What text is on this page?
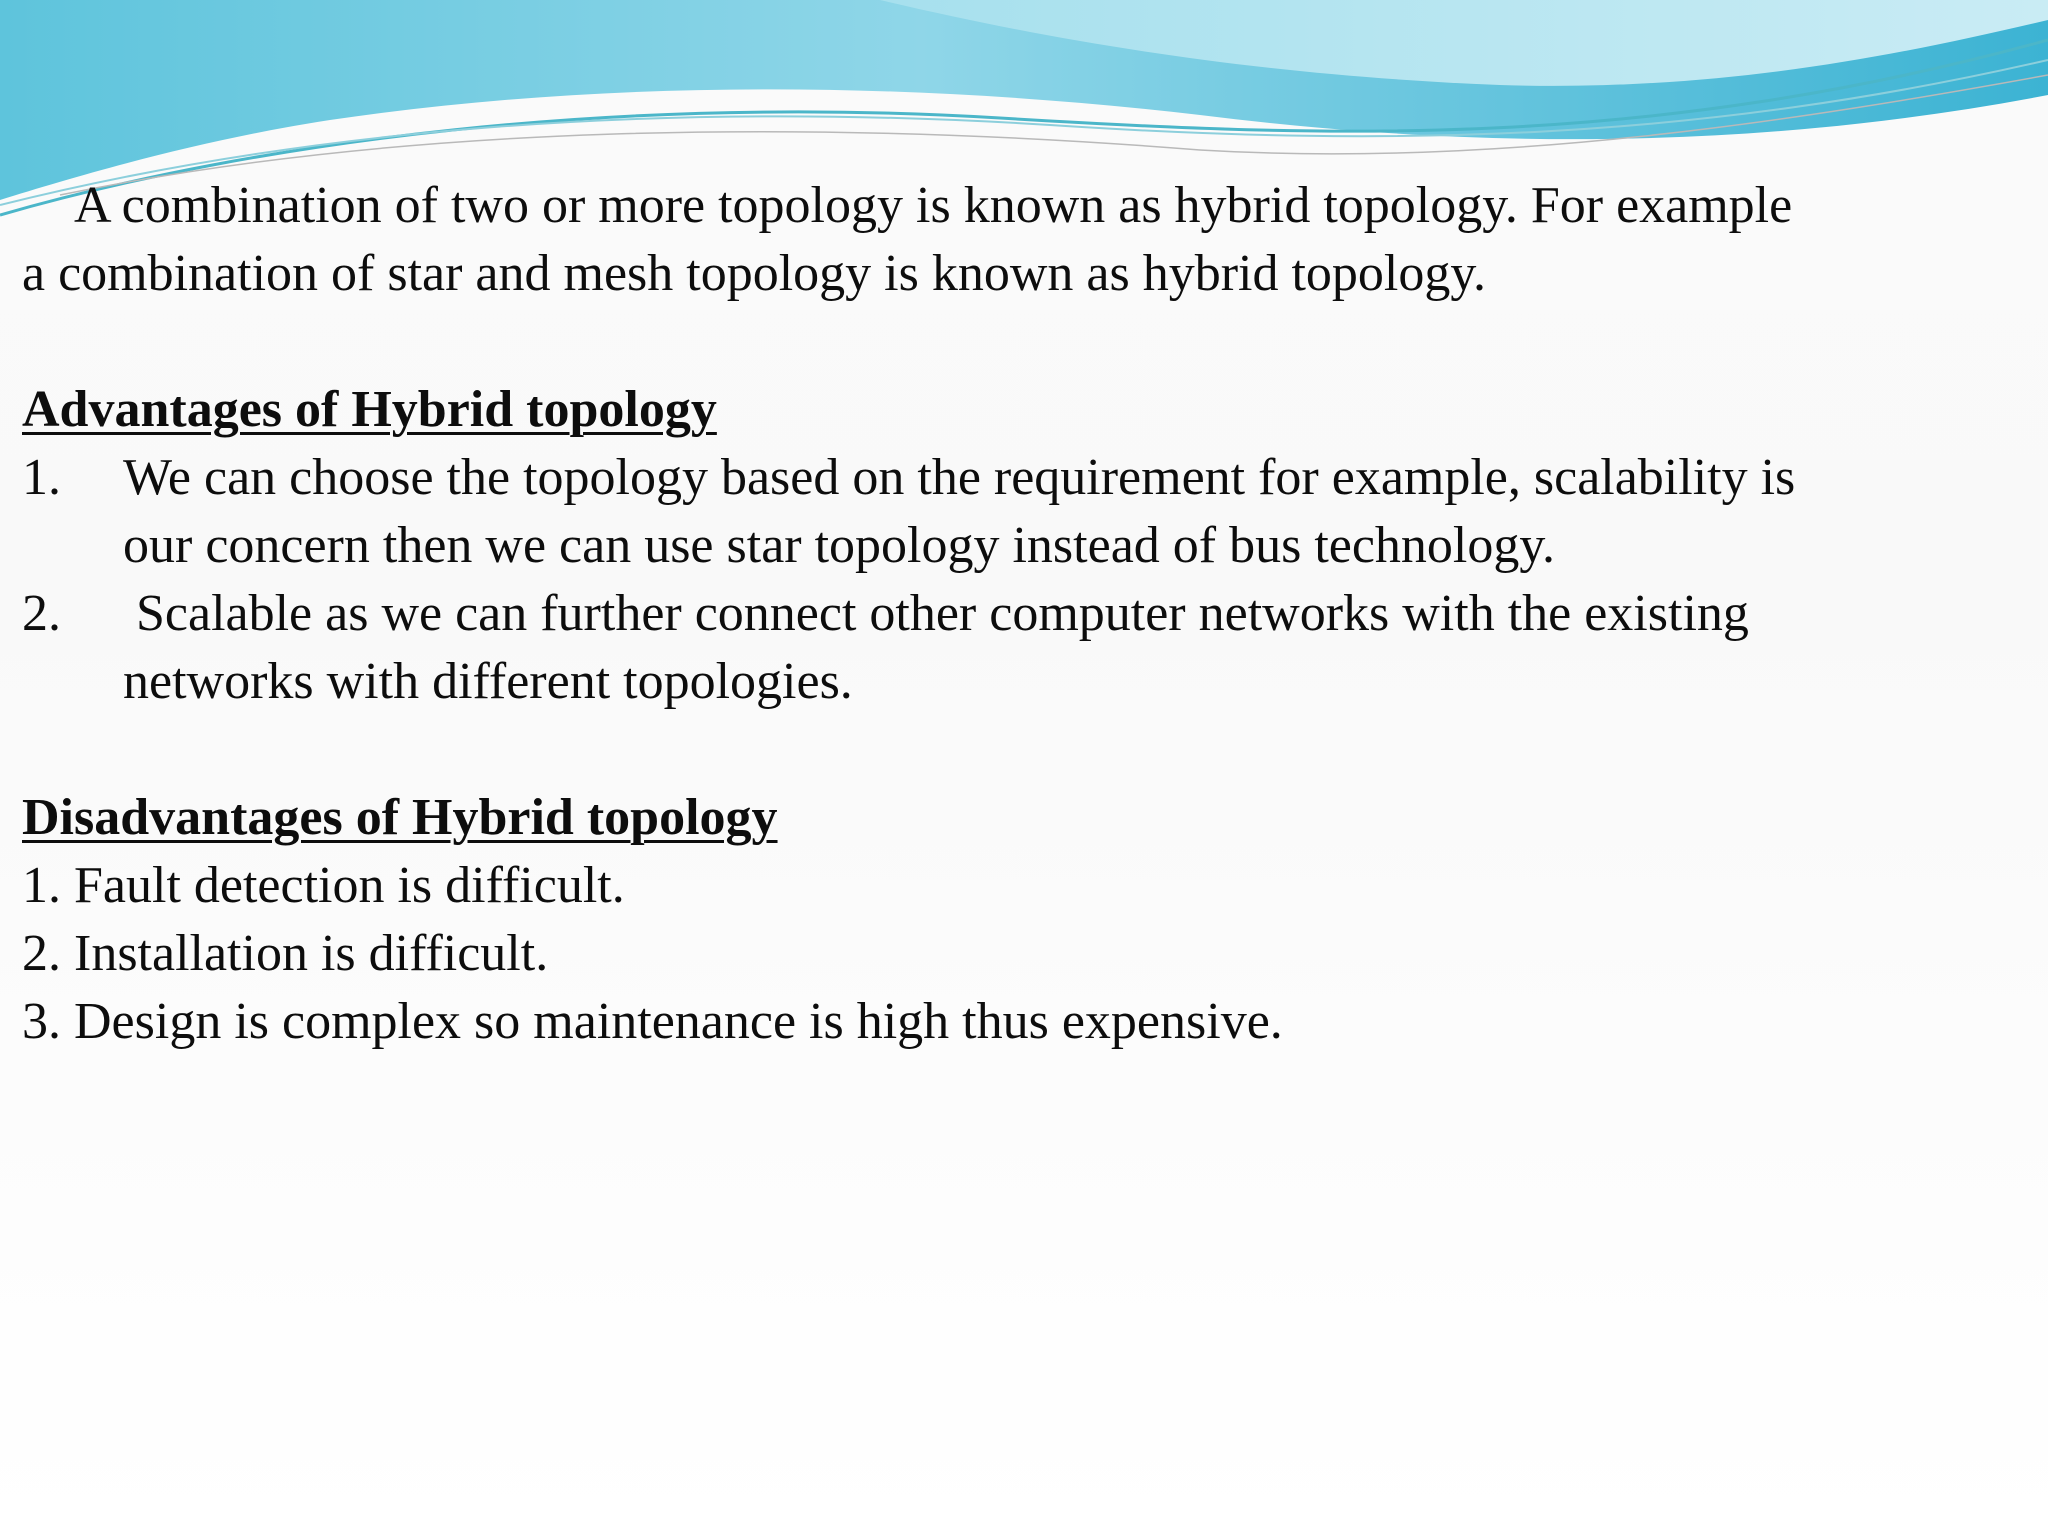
A combination of two or more topology is known as hybrid topology. For example
a combination of star and mesh topology is known as hybrid topology.
Advantages of Hybrid topology
1. We can choose the topology based on the requirement for example, scalability is
our concern then we can use star topology instead of bus technology.
2. Scalable as we can further connect other computer networks with the existing
networks with different topologies.
Disadvantages of Hybrid topology
1. Fault detection is difficult.
2. Installation is difficult.
3. Design is complex so maintenance is high thus expensive.
